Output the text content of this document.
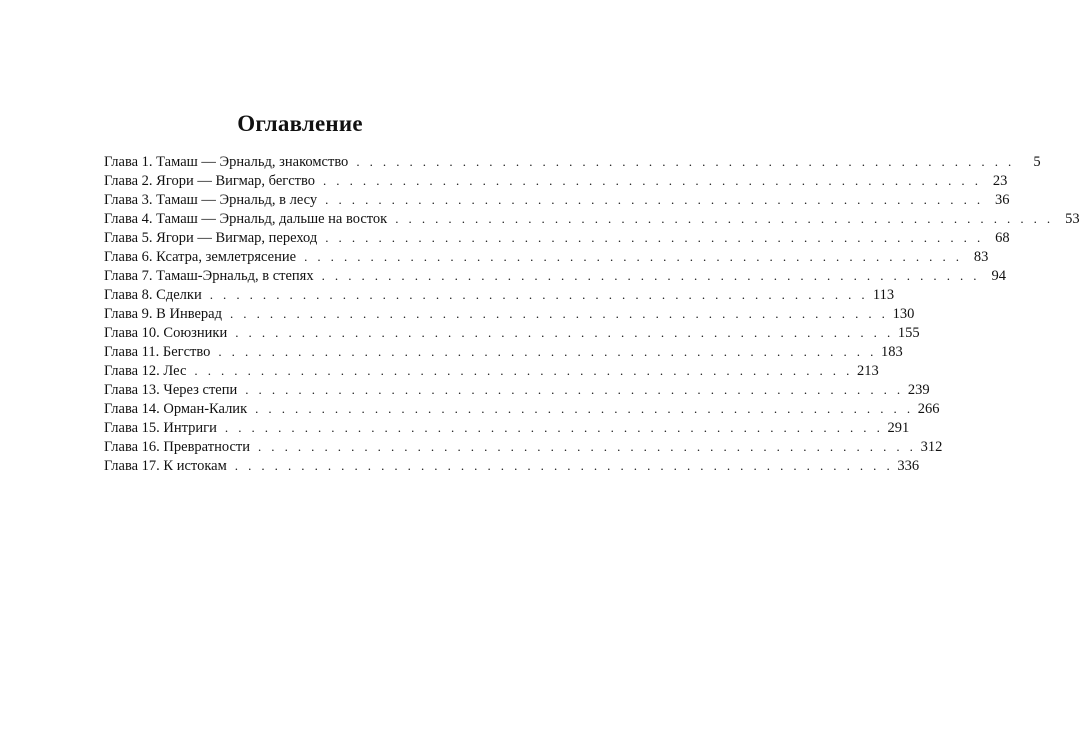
Оглавление
Глава 1. Тамаш — Эрнальд, знакомство . . . . . . . . . . . . . . . . . . . . . . . . . . . . . . . . . . . . . . . . . . . . . . . . . .	5
Глава 2. Ягори — Вигмар, бегство . . . . . . . . . . . . . . . . . . . . . . . . . . . . . . . . . . . . . . . . . . . . . . . . . . 23
Глава 3. Тамаш — Эрнальд, в лесу . . . . . . . . . . . . . . . . . . . . . . . . . . . . . . . . . . . . . . . . . . . . . . . . . . 36
Глава 4. Тамаш — Эрнальд, дальше на восток . . . . . . . . . . . . . . . . . . . . . . . . . . . . . . . . . . . . . . . . . . . . . . . . . . 53
Глава 5. Ягори — Вигмар, переход . . . . . . . . . . . . . . . . . . . . . . . . . . . . . . . . . . . . . . . . . . . . . . . . . . 68
Глава 6. Ксатра, землетрясение . . . . . . . . . . . . . . . . . . . . . . . . . . . . . . . . . . . . . . . . . . . . . . . . . . 83
Глава 7. Тамаш-Эрнальд, в степях . . . . . . . . . . . . . . . . . . . . . . . . . . . . . . . . . . . . . . . . . . . . . . . . . . 94
Глава 8. Сделки . . . . . . . . . . . . . . . . . . . . . . . . . . . . . . . . . . . . . . . . . . . . . . . . . . 113
Глава 9. В Инверад . . . . . . . . . . . . . . . . . . . . . . . . . . . . . . . . . . . . . . . . . . . . . . . . . . 130
Глава 10. Союзники . . . . . . . . . . . . . . . . . . . . . . . . . . . . . . . . . . . . . . . . . . . . . . . . . . 155
Глава 11. Бегство . . . . . . . . . . . . . . . . . . . . . . . . . . . . . . . . . . . . . . . . . . . . . . . . . . 183
Глава 12. Лес . . . . . . . . . . . . . . . . . . . . . . . . . . . . . . . . . . . . . . . . . . . . . . . . . . 213
Глава 13. Через степи . . . . . . . . . . . . . . . . . . . . . . . . . . . . . . . . . . . . . . . . . . . . . . . . . . 239
Глава 14. Орман-Калик . . . . . . . . . . . . . . . . . . . . . . . . . . . . . . . . . . . . . . . . . . . . . . . . . . 266
Глава 15. Интриги . . . . . . . . . . . . . . . . . . . . . . . . . . . . . . . . . . . . . . . . . . . . . . . . . . 291
Глава 16. Превратности . . . . . . . . . . . . . . . . . . . . . . . . . . . . . . . . . . . . . . . . . . . . . . . . . . 312
Глава 17. К истокам . . . . . . . . . . . . . . . . . . . . . . . . . . . . . . . . . . . . . . . . . . . . . . . . . . 336
